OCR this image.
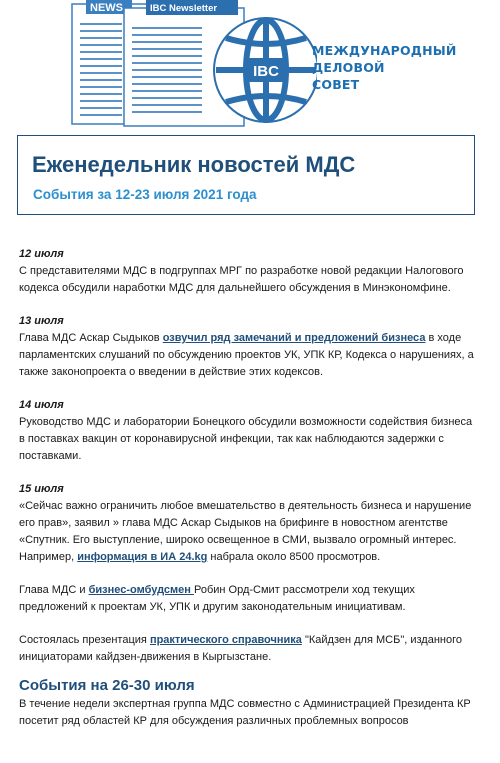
NEWS	IBC Newsletter
IBC
МЕЖДУНАРОДНЫЙ
ДЕЛОВОЙ
СОВЕТ
Еженедельник новостей МДС
События за 12-23 июля 2021 года

12 июля

С представителями МДС в подгруппах МРГ по разработке новой редакции Налогового кодекса обсудили наработки МДС для дальнейшего обсуждения в Минэкономфине.

13 июля

Глава МДС Аскар Сыдыков озвучил ряд замечаний и предложений бизнеса в ходе парламентских слушаний по обсуждению проектов УК, УПК КР, Кодекса о нарушениях, а также законопроекта о введении в действие этих кодексов.

14 июля

Руководство МДС и лаборатории Бонецкого обсудили возможности содействия бизнеса в поставках вакцин от коронавирусной инфекции, так как наблюдаются задержки с поставками.

15 июля

«Сейчас важно ограничить любое вмешательство в деятельность бизнеса и нарушение его прав», заявил » глава МДС Аскар Сыдыков на брифинге в новостном агентстве «Спутник. Его выступление, широко освещенное в СМИ, вызвало огромный интерес. Например, информация в ИА 24.kg набрала около 8500 просмотров.

Глава МДС и бизнес-омбудсмен Робин Орд-Смит рассмотрели ход текущих предложений к проектам УК, УПК и другим законодательным инициативам.

Состоялась презентация практического справочника "Кайдзен для МСБ", изданного инициаторами кайдзен-движения в Кыргызстане.

События на 26-30 июля

В течение недели экспертная группа МДС совместно с Администрацией Президента КР посетит ряд областей КР для обсуждения различных проблемных вопросов
